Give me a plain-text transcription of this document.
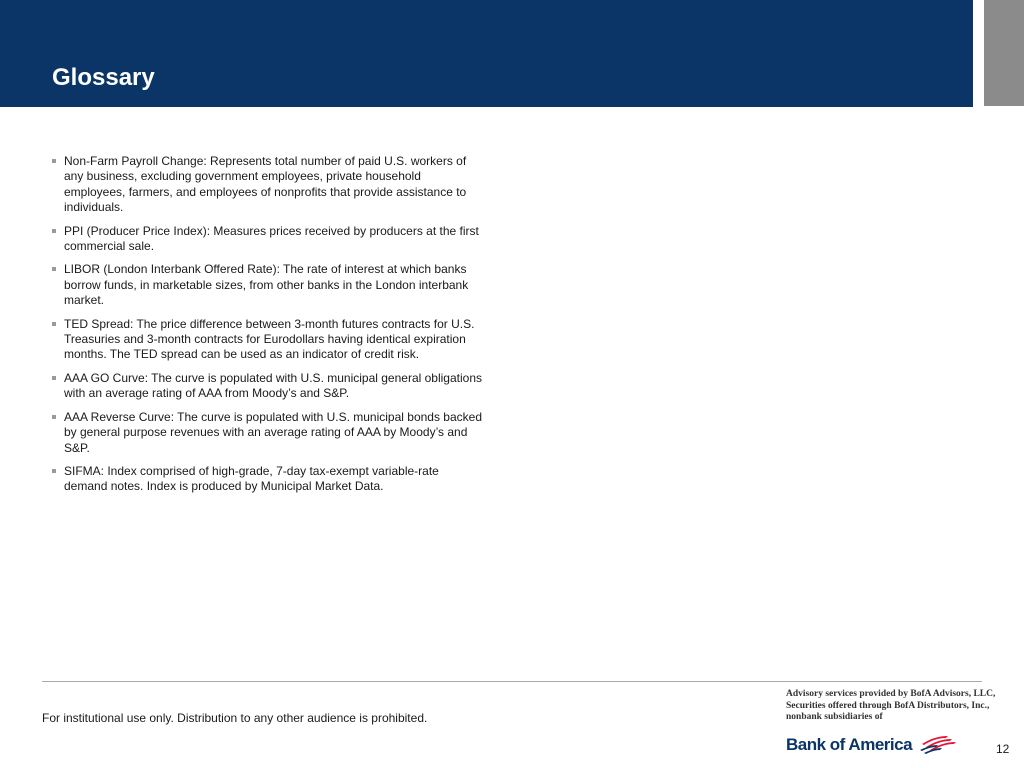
Glossary
Non-Farm Payroll Change: Represents total number of paid U.S. workers of any business, excluding government employees, private household employees, farmers, and employees of nonprofits that provide assistance to individuals.
PPI (Producer Price Index): Measures prices received by producers at the first commercial sale.
LIBOR (London Interbank Offered Rate): The rate of interest at which banks borrow funds, in marketable sizes, from other banks in the London interbank market.
TED Spread: The price difference between 3-month futures contracts for U.S. Treasuries and 3-month contracts for Eurodollars having identical expiration months. The TED spread can be used as an indicator of credit risk.
AAA GO Curve: The curve is populated with U.S. municipal general obligations with an average rating of AAA from Moody’s and S&P.
AAA Reverse Curve: The curve is populated with U.S. municipal bonds backed by general purpose revenues with an average rating of AAA by Moody’s and S&P.
SIFMA: Index comprised of high-grade, 7-day tax-exempt variable-rate demand notes. Index is produced by Municipal Market Data.
For institutional use only. Distribution to any other audience is prohibited.
Advisory services provided by BofA Advisors, LLC,
Securities offered through BofA Distributors, Inc.,
nonbank subsidiaries of
Bank of America	12
